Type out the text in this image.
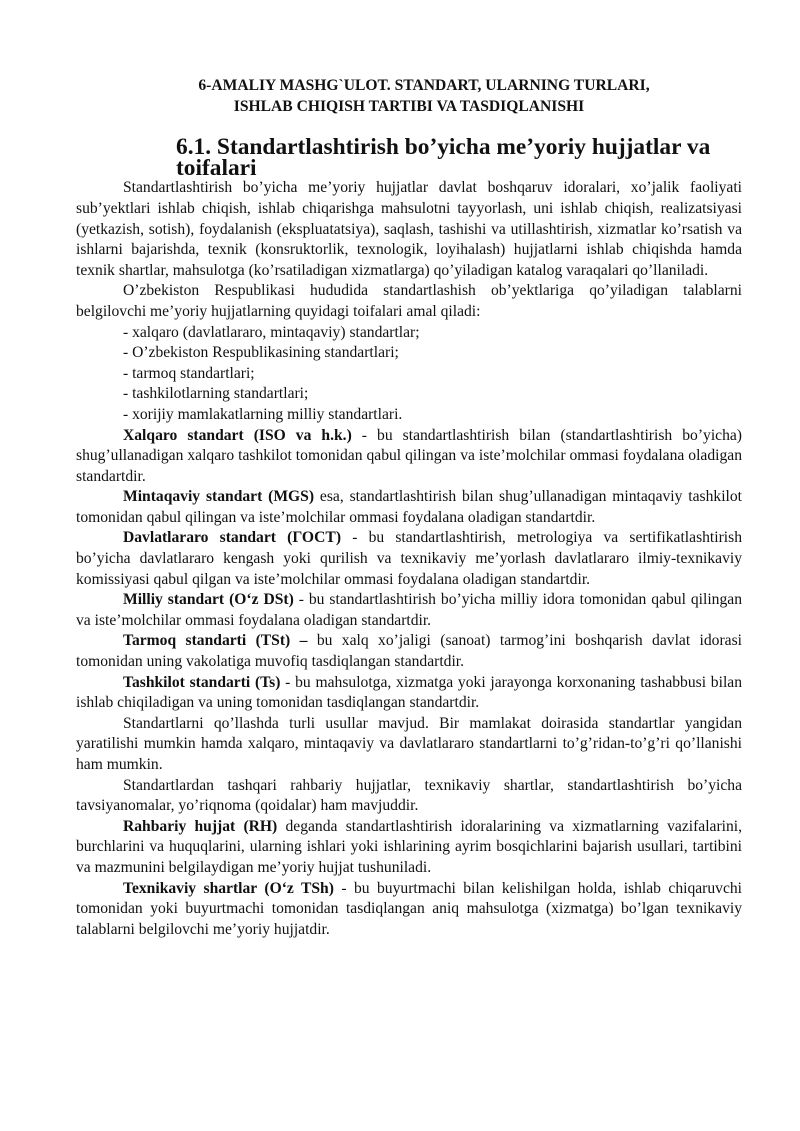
6-AMALIY MASHG`ULOT. STANDART, ULARNING TURLARI,
ISHLAB CHIQISH TARTIBI VA TASDIQLANISHI
6.1. Standartlashtirish bo’yicha me’yoriy hujjatlar va toifalari

Standartlashtirish bo’yicha me’yoriy hujjatlar davlat boshqaruv idoralari, xo’jalik faoliyati sub’yektlari ishlab chiqish, ishlab chiqarishga mahsulotni tayyorlash, uni ishlab chiqish, realizatsiyasi (yetkazish, sotish), foydalanish (ekspluatatsiya), saqlash, tashishi va utillashtirish, xizmatlar ko’rsatish va ishlarni bajarishda, texnik (konsruktorlik, texnologik, loyihalash) hujjatlarni ishlab chiqishda hamda texnik shartlar, mahsulotga (ko’rsatiladigan xizmatlarga) qo’yiladigan katalog varaqalari qo’llaniladi.

O’zbekiston Respublikasi hududida standartlashish ob’yektlariga qo’yiladigan talablarni belgilovchi me’yoriy hujjatlarning quyidagi toifalari amal qiladi:

- xalqaro (davlatlararo, mintaqaviy) standartlar;

- O’zbekiston Respublikasining standartlari;

- tarmoq standartlari;

- tashkilotlarning standartlari;

- xorijiy mamlakatlarning milliy standartlari.

Xalqaro standart (ISO va h.k.) - bu standartlashtirish bilan (standartlashtirish bo’yicha) shug’ullanadigan xalqaro tashkilot tomonidan qabul qilingan va iste’molchilar ommasi foydalana oladigan standartdir.

Mintaqaviy standart (MGS) esa, standartlashtirish bilan shug’ullanadigan mintaqaviy tashkilot tomonidan qabul qilingan va iste’molchilar ommasi foydalana oladigan standartdir.

Davlatlararo standart (ГОСТ) - bu standartlashtirish, metrologiya va sertifikatlashtirish bo’yicha davlatlararo kengash yoki qurilish va texnikaviy me’yorlash davlatlararo ilmiy-texnikaviy komissiyasi qabul qilgan va iste’molchilar ommasi foydalana oladigan standartdir.

Milliy standart (O‘z DSt) - bu standartlashtirish bo’yicha milliy idora tomonidan qabul qilingan va iste’molchilar ommasi foydalana oladigan standartdir.

Tarmoq standarti (TSt) – bu xalq xo’jaligi (sanoat) tarmog’ini boshqarish davlat idorasi tomonidan uning vakolatiga muvofiq tasdiqlangan standartdir.

Tashkilot standarti (Ts) - bu mahsulotga, xizmatga yoki jarayonga korxonaning tashabbusi bilan ishlab chiqiladigan va uning tomonidan tasdiqlangan standartdir.

Standartlarni qo’llashda turli usullar mavjud. Bir mamlakat doirasida standartlar yangidan yaratilishi mumkin hamda xalqaro, mintaqaviy va davlatlararo standartlarni to’g’ridan-to’g’ri qo’llanishi ham mumkin.

Standartlardan tashqari rahbariy hujjatlar, texnikaviy shartlar, standartlashtirish bo’yicha tavsiyanomalar, yo’riqnoma (qoidalar) ham mavjuddir.

Rahbariy hujjat (RH) deganda standartlashtirish idoralarining va xizmatlarning vazifalarini, burchlarini va huquqlarini, ularning ishlari yoki ishlarining ayrim bosqichlarini bajarish usullari, tartibini va mazmunini belgilaydigan me’yoriy hujjat tushuniladi.

Texnikaviy shartlar (O‘z TSh) - bu buyurtmachi bilan kelishilgan holda, ishlab chiqaruvchi tomonidan yoki buyurtmachi tomonidan tasdiqlangan aniq mahsulotga (xizmatga) bo’lgan texnikaviy talablarni belgilovchi me’yoriy hujjatdir.
